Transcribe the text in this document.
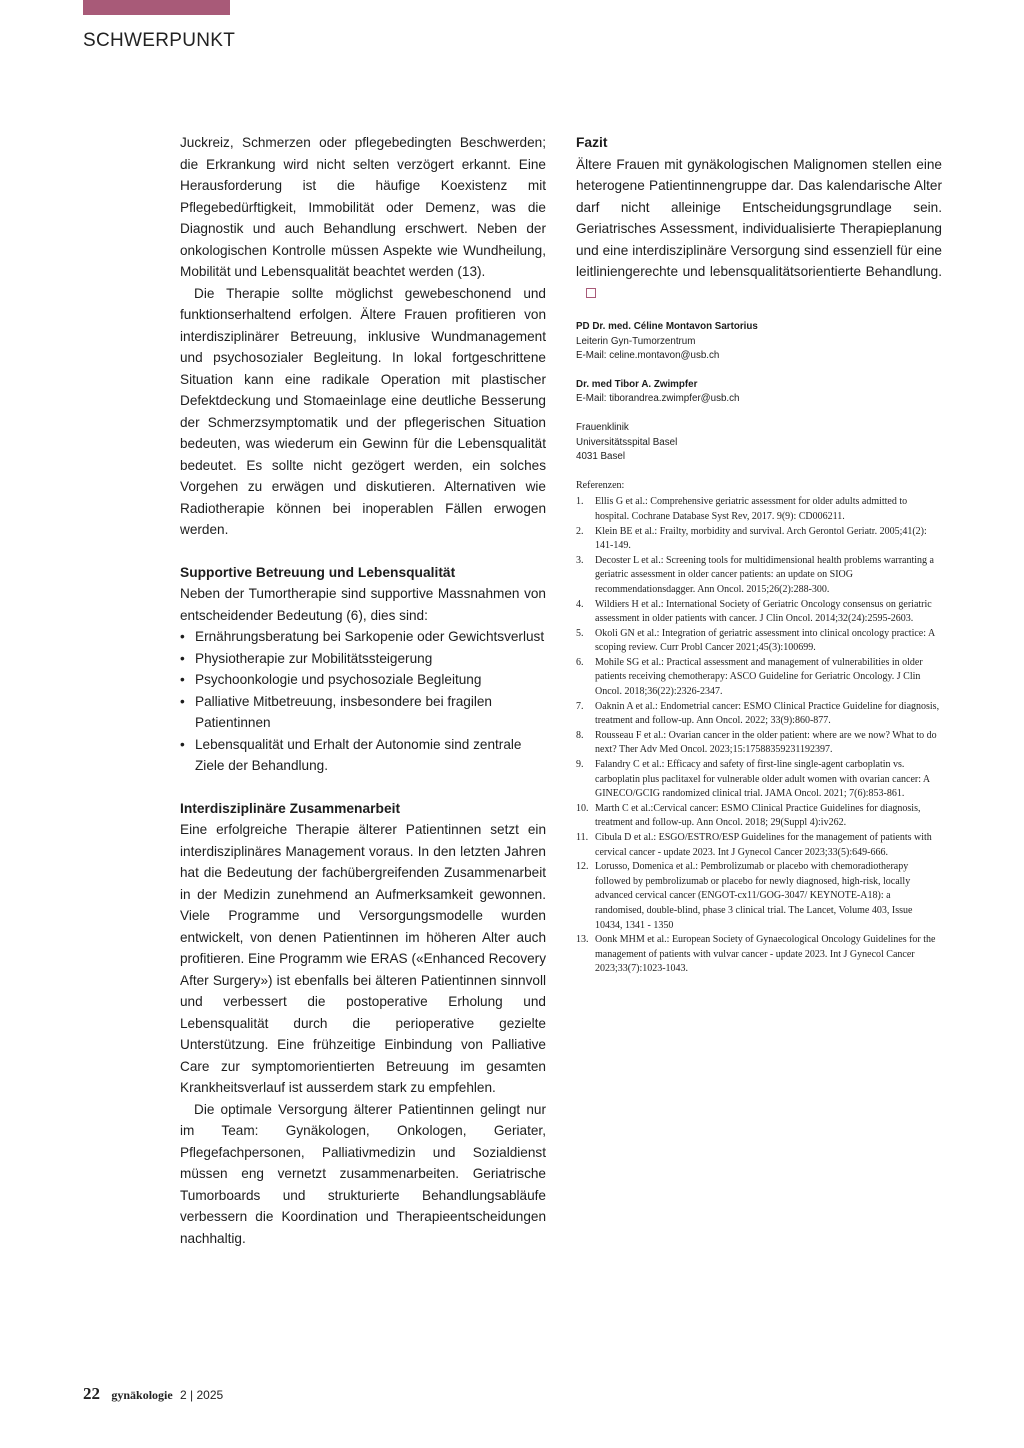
SCHWERPUNKT

Juckreiz, Schmerzen oder pflegebedingten Beschwerden; die Erkrankung wird nicht selten verzögert erkannt. Eine Herausforderung ist die häufige Koexistenz mit Pflegebedürftigkeit, Immobilität oder Demenz, was die Diagnostik und auch Behandlung erschwert. Neben der onkologischen Kontrolle müssen Aspekte wie Wundheilung, Mobilität und Lebensqualität beachtet werden (13).

Die Therapie sollte möglichst gewebeschonend und funktionserhaltend erfolgen. Ältere Frauen profitieren von interdisziplinärer Betreuung, inklusive Wundmanagement und psychosozialer Begleitung. In lokal fortgeschrittene Situation kann eine radikale Operation mit plastischer Defektdeckung und Stomaeinlage eine deutliche Besserung der Schmerzsymptomatik und der pflegerischen Situation bedeuten, was wiederum ein Gewinn für die Lebensqualität bedeutet. Es sollte nicht gezögert werden, ein solches Vorgehen zu erwägen und diskutieren. Alternativen wie Radiotherapie können bei inoperablen Fällen erwogen werden.

Supportive Betreuung und Lebensqualität

Neben der Tumortherapie sind supportive Massnahmen von entscheidender Bedeutung (6), dies sind:

• Ernährungsberatung bei Sarkopenie oder Gewichtsverlust
• Physiotherapie zur Mobilitätssteigerung
• Psychoonkologie und psychosoziale Begleitung
• Palliative Mitbetreuung, insbesondere bei fragilen Patientinnen
• Lebensqualität und Erhalt der Autonomie sind zentrale Ziele der Behandlung.
Interdisziplinäre Zusammenarbeit

Eine erfolgreiche Therapie älterer Patientinnen setzt ein interdisziplinäres Management voraus. In den letzten Jahren hat die Bedeutung der fachübergreifenden Zusammenarbeit in der Medizin zunehmend an Aufmerksamkeit gewonnen. Viele Programme und Versorgungsmodelle wurden entwickelt, von denen Patientinnen im höheren Alter auch profitieren. Eine Programm wie ERAS («Enhanced Recovery After Surgery») ist ebenfalls bei älteren Patientinnen sinnvoll und verbessert die postoperative Erholung und Lebensqualität durch die perioperative gezielte Unterstützung. Eine frühzeitige Einbindung von Palliative Care zur symptomorientierten Betreuung im gesamten Krankheitsverlauf ist ausserdem stark zu empfehlen.

Die optimale Versorgung älterer Patientinnen gelingt nur im Team: Gynäkologen, Onkologen, Geriater, Pflegefachpersonen, Palliativmedizin und Sozialdienst müssen eng vernetzt zusammenarbeiten. Geriatrische Tumorboards und strukturierte Behandlungsabläufe verbessern die Koordination und Therapieentscheidungen nachhaltig.

Fazit

Ältere Frauen mit gynäkologischen Malignomen stellen eine heterogene Patientinnengruppe dar. Das kalendarische Alter darf nicht alleinige Entscheidungsgrundlage sein. Geriatrisches Assessment, individualisierte Therapieplanung und eine interdisziplinäre Versorgung sind essenziell für eine leitliniengerechte und lebensqualitätsorientierte Behandlung.

PD Dr. med. Céline Montavon Sartorius
Leiterin Gyn-Tumorzentrum
E-Mail: celine.montavon@usb.ch
Dr. med Tibor A. Zwimpfer
E-Mail: tiborandrea.zwimpfer@usb.ch
Frauenklinik
Universitätsspital Basel
4031 Basel
Referenzen:
1. Ellis G et al.: Comprehensive geriatric assessment for older adults admitted to hospital. Cochrane Database Syst Rev, 2017. 9(9): CD006211.
2. Klein BE et al.: Frailty, morbidity and survival. Arch Gerontol Geriatr. 2005;41(2): 141-149.
3. Decoster L et al.: Screening tools for multidimensional health problems warranting a geriatric assessment in older cancer patients: an update on SIOG recommendationsdagger. Ann Oncol. 2015;26(2):288-300.
4. Wildiers H et al.: International Society of Geriatric Oncology consensus on geriatric assessment in older patients with cancer. J Clin Oncol. 2014;32(24):2595-2603.
5. Okoli GN et al.: Integration of geriatric assessment into clinical oncology practice: A scoping review. Curr Probl Cancer 2021;45(3):100699.
6. Mohile SG et al.: Practical assessment and management of vulnerabilities in older patients receiving chemotherapy: ASCO Guideline for Geriatric Oncology. J Clin Oncol. 2018;36(22):2326-2347.
7. Oaknin A et al.: Endometrial cancer: ESMO Clinical Practice Guideline for diagnosis, treatment and follow-up. Ann Oncol. 2022; 33(9):860-877.
8. Rousseau F et al.: Ovarian cancer in the older patient: where are we now? What to do next? Ther Adv Med Oncol. 2023;15:17588359231192397.
9. Falandry C et al.: Efficacy and safety of first-line single-agent carboplatin vs. carboplatin plus paclitaxel for vulnerable older adult women with ovarian cancer: A GINECO/GCIG randomized clinical trial. JAMA Oncol. 2021; 7(6):853-861.
10. Marth C et al.:Cervical cancer: ESMO Clinical Practice Guidelines for diagnosis, treatment and follow-up. Ann Oncol. 2018; 29(Suppl 4):iv262.
11. Cibula D et al.: ESGO/ESTRO/ESP Guidelines for the management of patients with cervical cancer - update 2023. Int J Gynecol Cancer 2023;33(5):649-666.
12. Lorusso, Domenica et al.: Pembrolizumab or placebo with chemoradiotherapy followed by pembrolizumab or placebo for newly diagnosed, high-risk, locally advanced cervical cancer (ENGOT-cx11/GOG-3047/ KEYNOTE-A18): a randomised, double-blind, phase 3 clinical trial. The Lancet, Volume 403, Issue 10434, 1341 - 1350
13. Oonk MHM et al.: European Society of Gynaecological Oncology Guidelines for the management of patients with vulvar cancer - update 2023. Int J Gynecol Cancer 2023;33(7):1023-1043.
22 gynäkologie 2 | 2025
